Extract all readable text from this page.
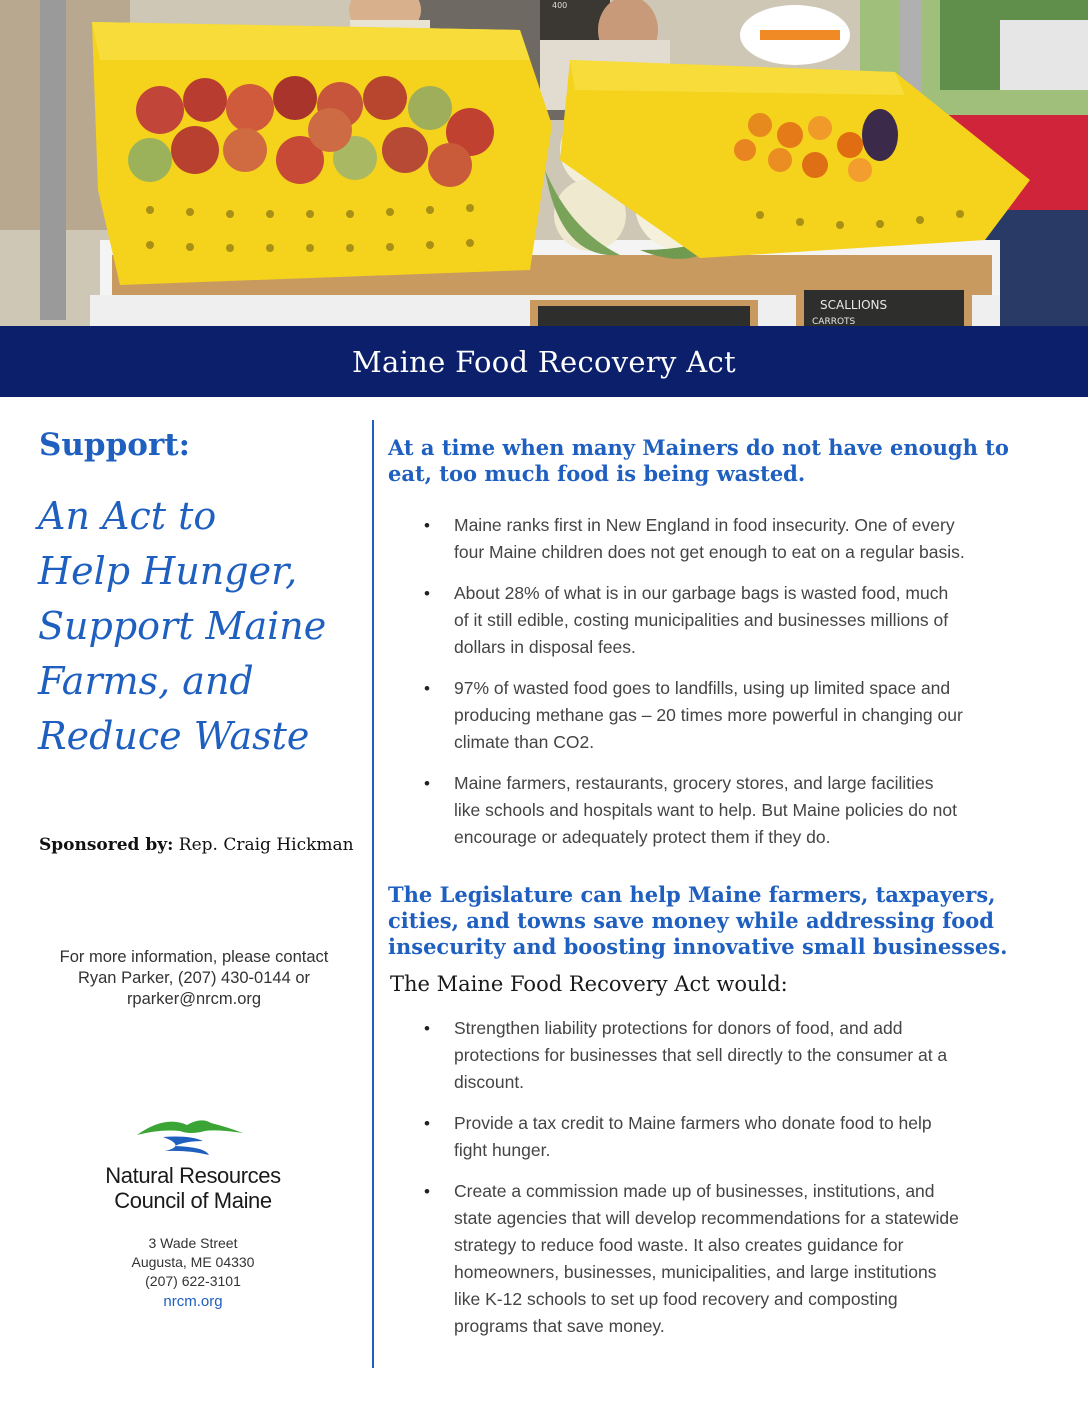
400
SCALLIONS
CARROTS
Maine Food Recovery Act
Support:
An Act to
Help Hunger,
Support Maine
Farms, and
Reduce Waste
Sponsored by: Rep. Craig Hickman
For more information, please contact
Ryan Parker, (207) 430-0144 or
rparker@nrcm.org
Natural Resources
Council of Maine
3 Wade Street
Augusta, ME 04330
(207) 622-3101
nrcm.org
At a time when many Mainers do not have enough to
eat, too much food is being wasted.
• Maine ranks first in New England in food insecurity. One of every
four Maine children does not get enough to eat on a regular basis.
• About 28% of what is in our garbage bags is wasted food, much
of it still edible, costing municipalities and businesses millions of
dollars in disposal fees.
• 97% of wasted food goes to landfills, using up limited space and
producing methane gas – 20 times more powerful in changing our
climate than CO2.
• Maine farmers, restaurants, grocery stores, and large facilities
like schools and hospitals want to help. But Maine policies do not
encourage or adequately protect them if they do.
The Legislature can help Maine farmers, taxpayers,
cities, and towns save money while addressing food
insecurity and boosting innovative small businesses.
The Maine Food Recovery Act would:
• Strengthen liability protections for donors of food, and add
protections for businesses that sell directly to the consumer at a
discount.
• Provide a tax credit to Maine farmers who donate food to help
fight hunger.
• Create a commission made up of businesses, institutions, and
state agencies that will develop recommendations for a statewide
strategy to reduce food waste. It also creates guidance for
homeowners, businesses, municipalities, and large institutions
like K-12 schools to set up food recovery and composting
programs that save money.
